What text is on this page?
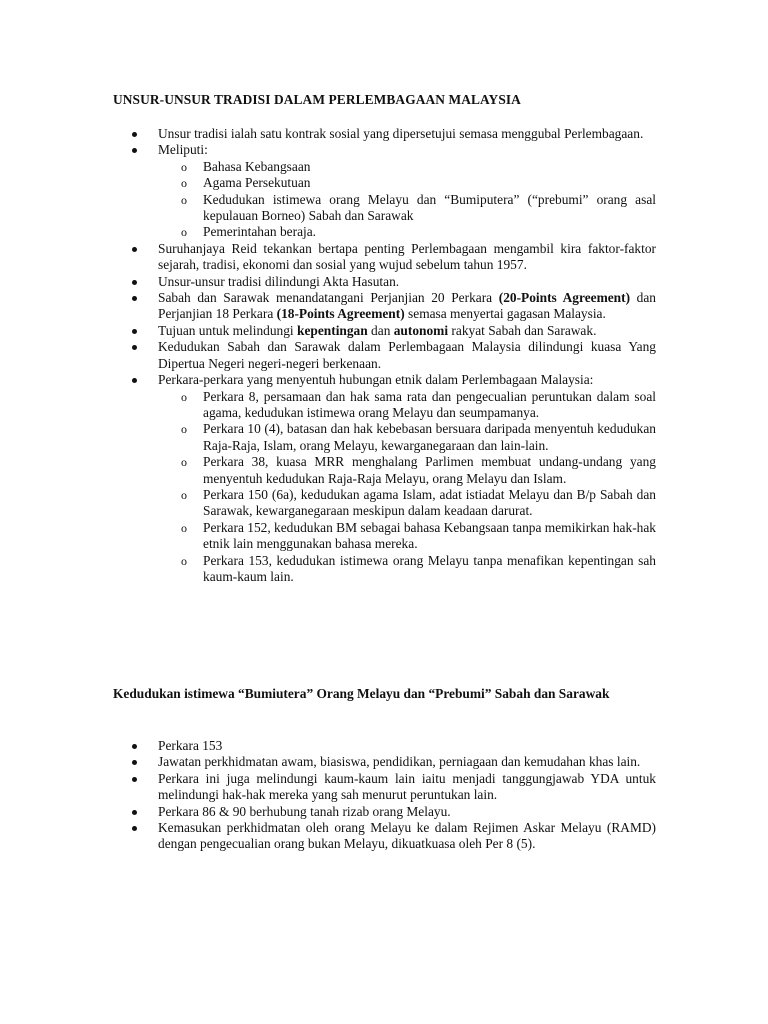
UNSUR-UNSUR TRADISI DALAM PERLEMBAGAAN MALAYSIA
Unsur tradisi ialah satu kontrak sosial yang dipersetujui semasa menggubal Perlembagaan.
Meliputi:
o Bahasa Kebangsaan
o Agama Persekutuan
o Kedudukan istimewa orang Melayu dan “Bumiputera” (“prebumi” orang asal kepulauan Borneo) Sabah dan Sarawak
o Pemerintahan beraja.
Suruhanjaya Reid tekankan bertapa penting Perlembagaan mengambil kira faktor-faktor sejarah, tradisi, ekonomi dan sosial yang wujud sebelum tahun 1957.
Unsur-unsur tradisi dilindungi Akta Hasutan.
Sabah dan Sarawak menandatangani Perjanjian 20 Perkara (20-Points Agreement) dan Perjanjian 18 Perkara (18-Points Agreement) semasa menyertai gagasan Malaysia.
Tujuan untuk melindungi kepentingan dan autonomi rakyat Sabah dan Sarawak.
Kedudukan Sabah dan Sarawak dalam Perlembagaan Malaysia dilindungi kuasa Yang Dipertua Negeri negeri-negeri berkenaan.
Perkara-perkara yang menyentuh hubungan etnik dalam Perlembagaan Malaysia:
o Perkara 8, persamaan dan hak sama rata dan pengecualian peruntukan dalam soal agama, kedudukan istimewa orang Melayu dan seumpamanya.
o Perkara 10 (4), batasan dan hak kebebasan bersuara daripada menyentuh kedudukan Raja-Raja, Islam, orang Melayu, kewarganegaraan dan lain-lain.
o Perkara 38, kuasa MRR menghalang Parlimen membuat undang-undang yang menyentuh kedudukan Raja-Raja Melayu, orang Melayu dan Islam.
o Perkara 150 (6a), kedudukan agama Islam, adat istiadat Melayu dan B/p Sabah dan Sarawak, kewarganegaraan meskipun dalam keadaan darurat.
o Perkara 152, kedudukan BM sebagai bahasa Kebangsaan tanpa memikirkan hak-hak etnik lain menggunakan bahasa mereka.
o Perkara 153, kedudukan istimewa orang Melayu tanpa menafikan kepentingan sah kaum-kaum lain.
Kedudukan istimewa “Bumiutera” Orang Melayu dan “Prebumi” Sabah dan Sarawak
Perkara 153
Jawatan perkhidmatan awam, biasiswa, pendidikan, perniagaan dan kemudahan khas lain.
Perkara ini juga melindungi kaum-kaum lain iaitu menjadi tanggungjawab YDA untuk melindungi hak-hak mereka yang sah menurut peruntukan lain.
Perkara 86 & 90 berhubung tanah rizab orang Melayu.
Kemasukan perkhidmatan oleh orang Melayu ke dalam Rejimen Askar Melayu (RAMD) dengan pengecualian orang bukan Melayu, dikuatkuasa oleh Per 8 (5).
